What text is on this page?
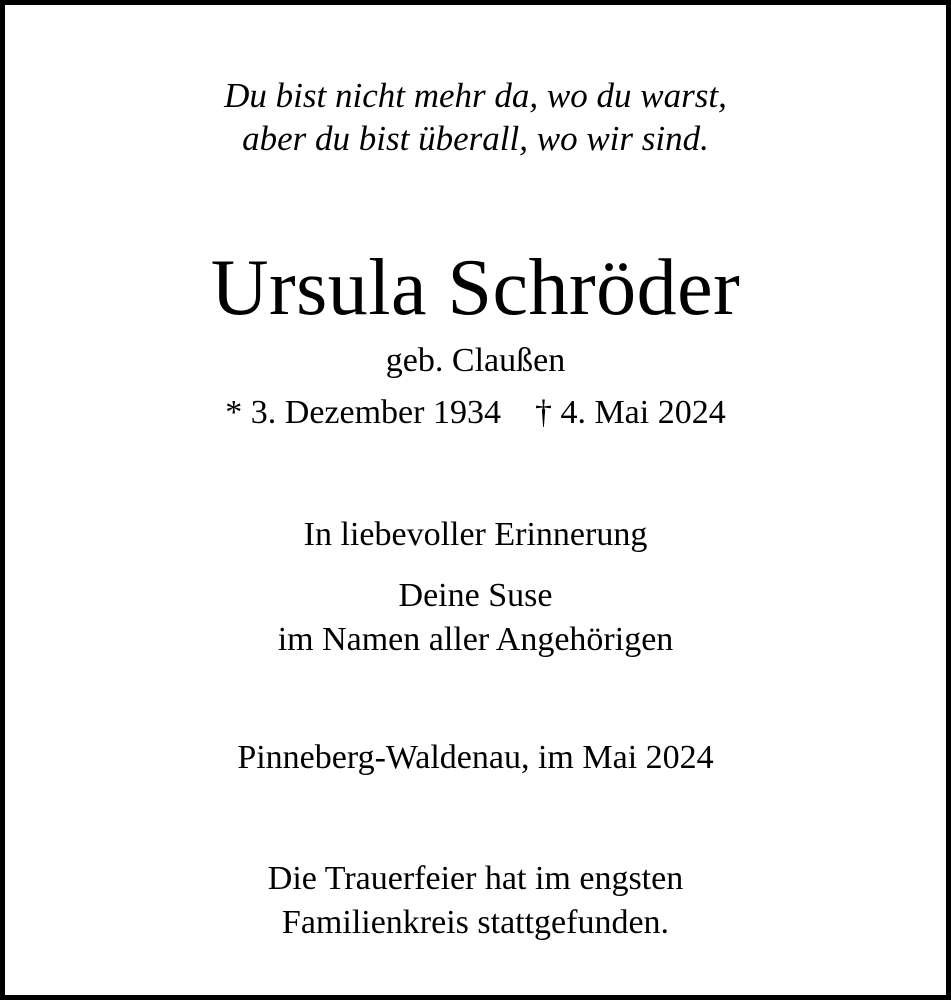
Du bist nicht mehr da, wo du warst,
aber du bist überall, wo wir sind.
Ursula Schröder
geb. Claußen
* 3. Dezember 1934 † 4. Mai 2024
In liebevoller Erinnerung
Deine Suse
im Namen aller Angehörigen
Pinneberg-Waldenau, im Mai 2024
Die Trauerfeier hat im engsten
Familienkreis stattgefunden.
